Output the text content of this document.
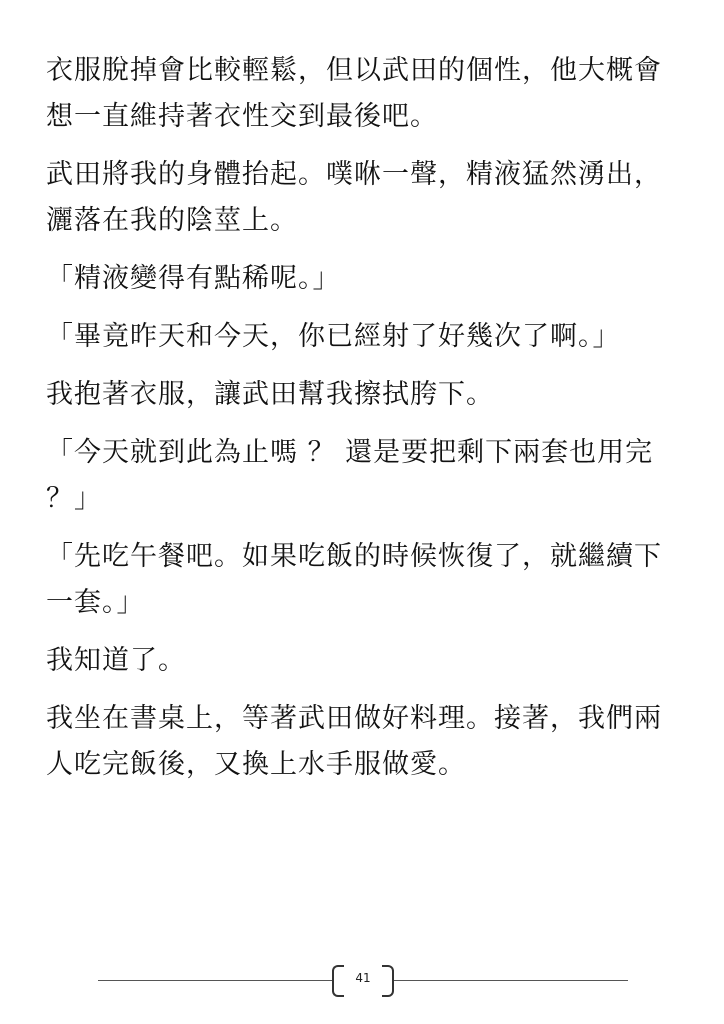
衣服脫掉會比較輕鬆，但以武田的個性，他大概會想一直維持著衣性交到最後吧。

武田將我的身體抬起。噗咻一聲，精液猛然湧出，灑落在我的陰莖上。

「精液變得有點稀呢。」

「畢竟昨天和今天，你已經射了好幾次了啊。」

我抱著衣服，讓武田幫我擦拭胯下。

「今天就到此為止嗎 ？ 還是要把剩下兩套也用完 ？」

「先吃午餐吧。如果吃飯的時候恢復了，就繼續下一套。」

我知道了。

我坐在書桌上，等著武田做好料理。接著，我們兩人吃完飯後，又換上水手服做愛。

41
